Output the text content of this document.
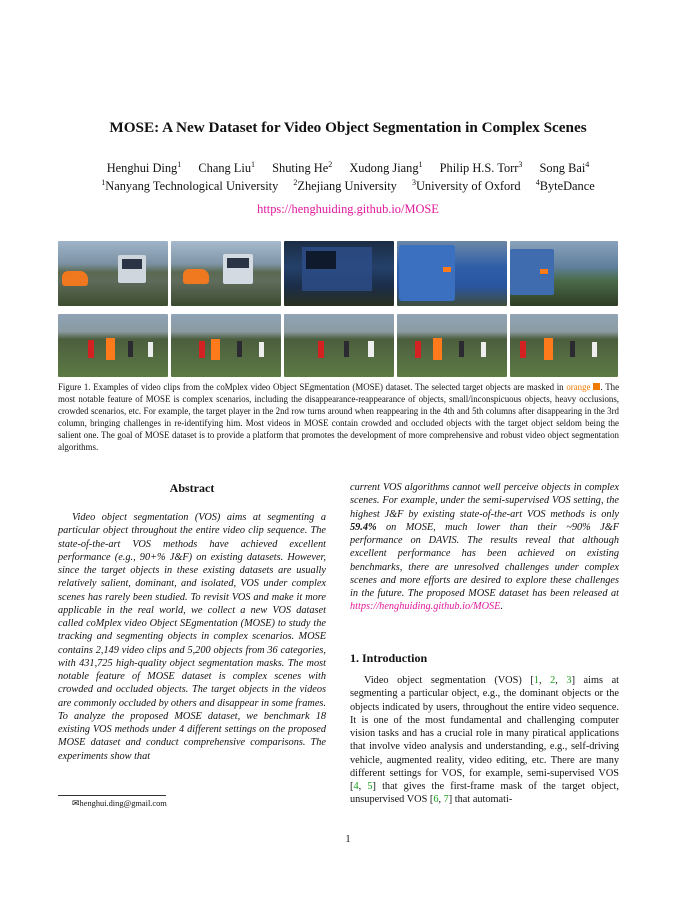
MOSE: A New Dataset for Video Object Segmentation in Complex Scenes
Henghui Ding$^1$ Chang Liu$^1$ Shuting He$^2$ Xudong Jiang$^1$ Philip H.S. Torr$^3$ Song Bai$^4$
$^1$Nanyang Technological University $^2$Zhejiang University $^3$University of Oxford $^4$ByteDance
https://henghuiding.github.io/MOSE
Figure 1. Examples of video clips from the coMplex video Object SEgmentation (MOSE) dataset. The selected target objects are masked in orange . The most notable feature of MOSE is complex scenarios, including the disappearance-reappearance of objects, small/inconspicuous objects, heavy occlusions, crowded scenarios, etc. For example, the target player in the 2nd row turns around when reappearing in the 4th and 5th columns after disappearing in the 3rd column, bringing challenges in re-identifying him. Most videos in MOSE contain crowded and occluded objects with the target object seldom being the salient one. The goal of MOSE dataset is to provide a platform that promotes the development of more comprehensive and robust video object segmentation algorithms.
Abstract
Video object segmentation (VOS) aims at segmenting a particular object throughout the entire video clip sequence. The state-of-the-art VOS methods have achieved excellent performance (e.g., 90+% J&F) on existing datasets. However, since the target objects in these existing datasets are usually relatively salient, dominant, and isolated, VOS under complex scenes has rarely been studied. To revisit VOS and make it more applicable in the real world, we collect a new VOS dataset called coMplex video Object SEgmentation (MOSE) to study the tracking and segmenting objects in complex scenarios. MOSE contains 2,149 video clips and 5,200 objects from 36 categories, with 431,725 high-quality object segmentation masks. The most notable feature of MOSE dataset is complex scenes with crowded and occluded objects. The target objects in the videos are commonly occluded by others and disappear in some frames. To analyze the proposed MOSE dataset, we benchmark 18 existing VOS methods under 4 different settings on the proposed MOSE dataset and conduct comprehensive comparisons. The experiments show that
current VOS algorithms cannot well perceive objects in complex scenes. For example, under the semi-supervised VOS setting, the highest J&F by existing state-of-the-art VOS methods is only 59.4% on MOSE, much lower than their ~90% J&F performance on DAVIS. The results reveal that although excellent performance has been achieved on existing benchmarks, there are unresolved challenges under complex scenes and more efforts are desired to explore these challenges in the future. The proposed MOSE dataset has been released at https://henghuiding.github.io/MOSE.
1. Introduction
Video object segmentation (VOS) [1, 2, 3] aims at segmenting a particular object, e.g., the dominant objects or the objects indicated by users, throughout the entire video sequence. It is one of the most fundamental and challenging computer vision tasks and has a crucial role in many piratical applications that involve video analysis and understanding, e.g., self-driving vehicle, augmented reality, video editing, etc. There are many different settings for VOS, for example, semi-supervised VOS [4, 5] that gives the first-frame mask of the target object, unsupervised VOS [6, 7] that automati-
✉henghui.ding@gmail.com
1
